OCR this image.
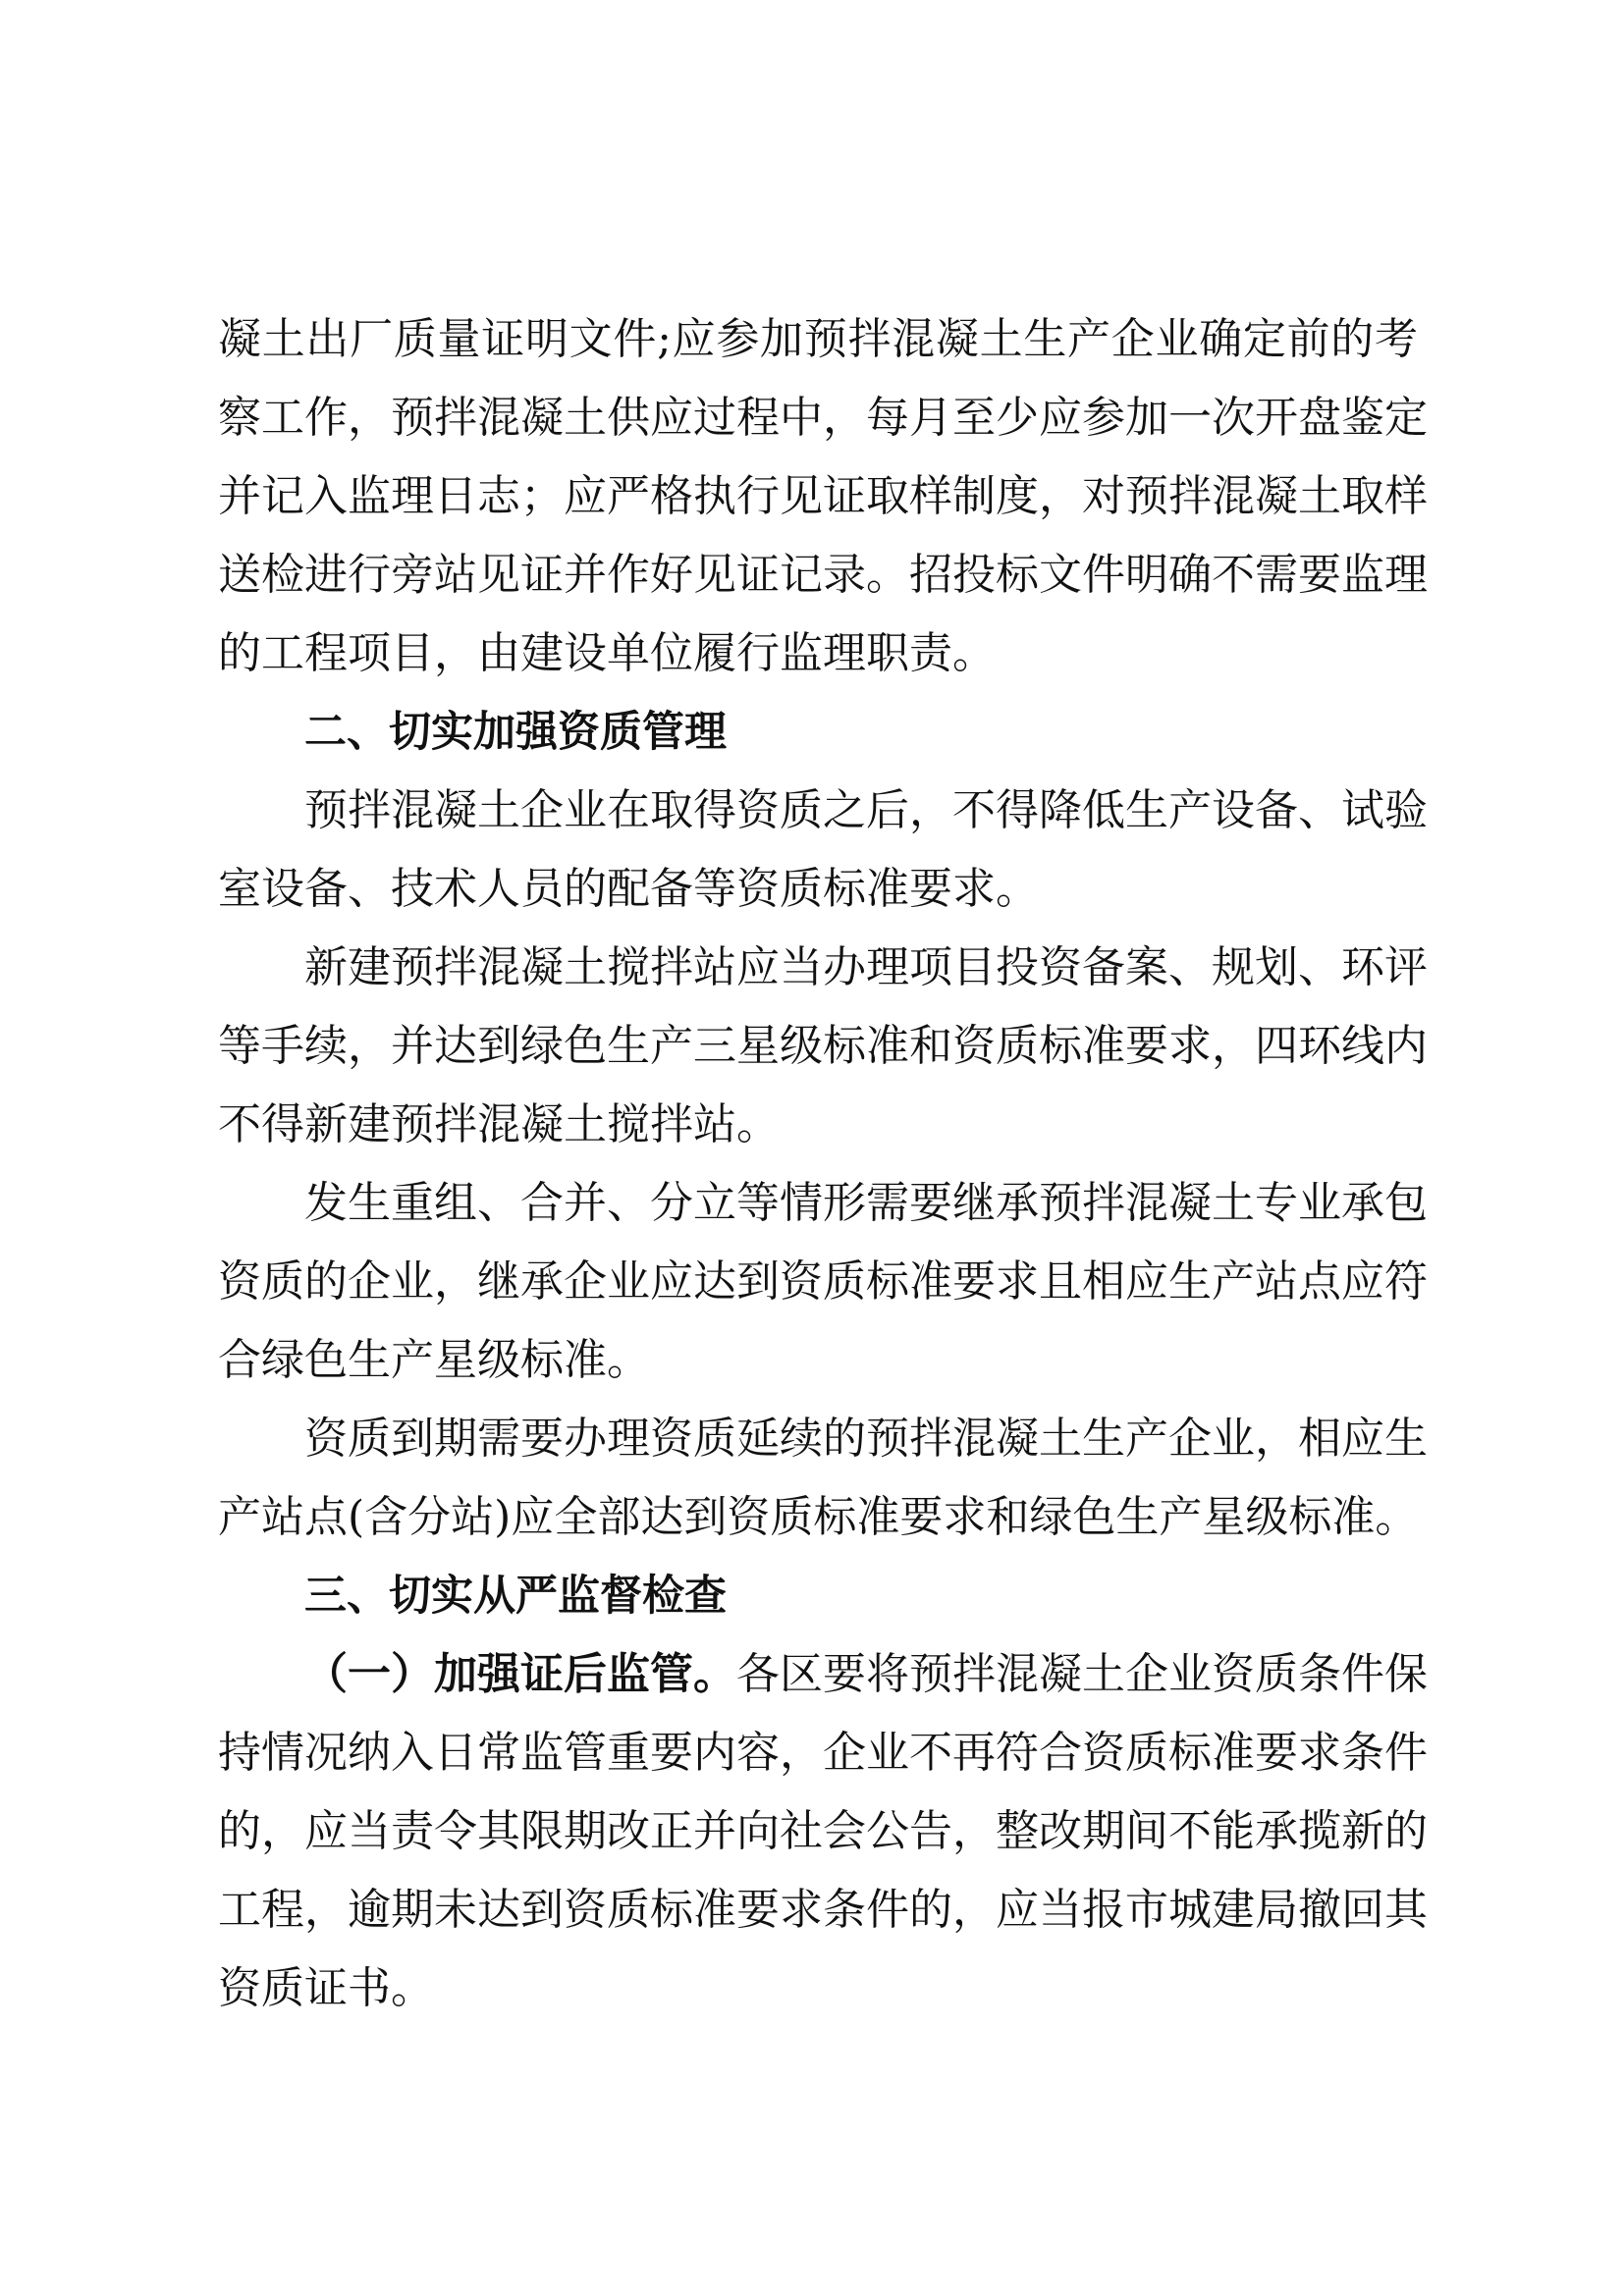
凝土出厂质量证明文件;应参加预拌混凝土生产企业确定前的考
察工作，预拌混凝土供应过程中，每月至少应参加一次开盘鉴定
并记入监理日志；应严格执行见证取样制度，对预拌混凝土取样
送检进行旁站见证并作好见证记录。招投标文件明确不需要监理
的工程项目，由建设单位履行监理职责。
二、切实加强资质管理
预拌混凝土企业在取得资质之后，不得降低生产设备、试验
室设备、技术人员的配备等资质标准要求。
新建预拌混凝土搅拌站应当办理项目投资备案、规划、环评
等手续，并达到绿色生产三星级标准和资质标准要求，四环线内
不得新建预拌混凝土搅拌站。
发生重组、合并、分立等情形需要继承预拌混凝土专业承包
资质的企业，继承企业应达到资质标准要求且相应生产站点应符
合绿色生产星级标准。
资质到期需要办理资质延续的预拌混凝土生产企业，相应生
产站点(含分站)应全部达到资质标准要求和绿色生产星级标准。
三、切实从严监督检查
（一）加强证后监管。各区要将预拌混凝土企业资质条件保
持情况纳入日常监管重要内容，企业不再符合资质标准要求条件
的，应当责令其限期改正并向社会公告，整改期间不能承揽新的
工程，逾期未达到资质标准要求条件的，应当报市城建局撤回其
资质证书。
